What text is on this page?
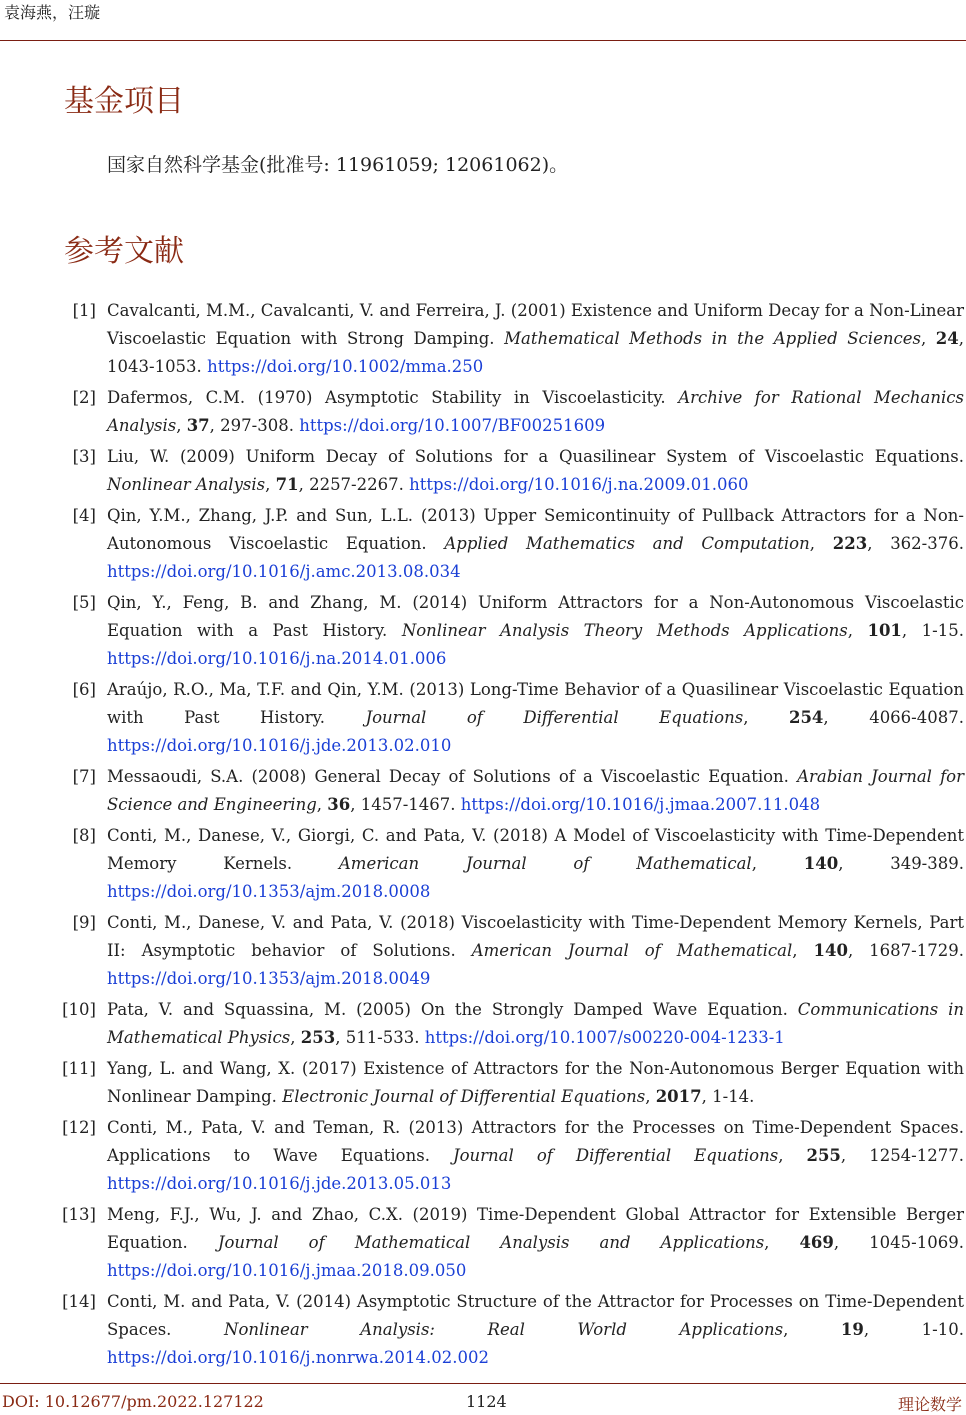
袁海燕，汪璇
基金项目
国家自然科学基金(批准号: 11961059; 12061062)。
参考文献
[1] Cavalcanti, M.M., Cavalcanti, V. and Ferreira, J. (2001) Existence and Uniform Decay for a Non-Linear Viscoelastic Equation with Strong Damping. Mathematical Methods in the Applied Sciences, 24, 1043-1053. https://doi.org/10.1002/mma.250
[2] Dafermos, C.M. (1970) Asymptotic Stability in Viscoelasticity. Archive for Rational Mechanics Analysis, 37, 297-308. https://doi.org/10.1007/BF00251609
[3] Liu, W. (2009) Uniform Decay of Solutions for a Quasilinear System of Viscoelastic Equations. Nonlinear Analysis, 71, 2257-2267. https://doi.org/10.1016/j.na.2009.01.060
[4] Qin, Y.M., Zhang, J.P. and Sun, L.L. (2013) Upper Semicontinuity of Pullback Attractors for a Non-Autonomous Viscoelastic Equation. Applied Mathematics and Computation, 223, 362-376. https://doi.org/10.1016/j.amc.2013.08.034
[5] Qin, Y., Feng, B. and Zhang, M. (2014) Uniform Attractors for a Non-Autonomous Viscoelastic Equation with a Past History. Nonlinear Analysis Theory Methods Applications, 101, 1-15. https://doi.org/10.1016/j.na.2014.01.006
[6] Araújo, R.O., Ma, T.F. and Qin, Y.M. (2013) Long-Time Behavior of a Quasilinear Viscoelastic Equation with Past History. Journal of Differential Equations, 254, 4066-4087. https://doi.org/10.1016/j.jde.2013.02.010
[7] Messaoudi, S.A. (2008) General Decay of Solutions of a Viscoelastic Equation. Arabian Journal for Science and Engineering, 36, 1457-1467. https://doi.org/10.1016/j.jmaa.2007.11.048
[8] Conti, M., Danese, V., Giorgi, C. and Pata, V. (2018) A Model of Viscoelasticity with Time-Dependent Memory Kernels. American Journal of Mathematical, 140, 349-389. https://doi.org/10.1353/ajm.2018.0008
[9] Conti, M., Danese, V. and Pata, V. (2018) Viscoelasticity with Time-Dependent Memory Kernels, Part II: Asymptotic behavior of Solutions. American Journal of Mathematical, 140, 1687-1729. https://doi.org/10.1353/ajm.2018.0049
[10] Pata, V. and Squassina, M. (2005) On the Strongly Damped Wave Equation. Communications in Mathematical Physics, 253, 511-533. https://doi.org/10.1007/s00220-004-1233-1
[11] Yang, L. and Wang, X. (2017) Existence of Attractors for the Non-Autonomous Berger Equation with Nonlinear Damping. Electronic Journal of Differential Equations, 2017, 1-14.
[12] Conti, M., Pata, V. and Teman, R. (2013) Attractors for the Processes on Time-Dependent Spaces. Applications to Wave Equations. Journal of Differential Equations, 255, 1254-1277. https://doi.org/10.1016/j.jde.2013.05.013
[13] Meng, F.J., Wu, J. and Zhao, C.X. (2019) Time-Dependent Global Attractor for Extensible Berger Equation. Journal of Mathematical Analysis and Applications, 469, 1045-1069. https://doi.org/10.1016/j.jmaa.2018.09.050
[14] Conti, M. and Pata, V. (2014) Asymptotic Structure of the Attractor for Processes on Time-Dependent Spaces. Nonlinear Analysis: Real World Applications, 19, 1-10. https://doi.org/10.1016/j.nonrwa.2014.02.002
DOI: 10.12677/pm.2022.127122	1124	理论数学
